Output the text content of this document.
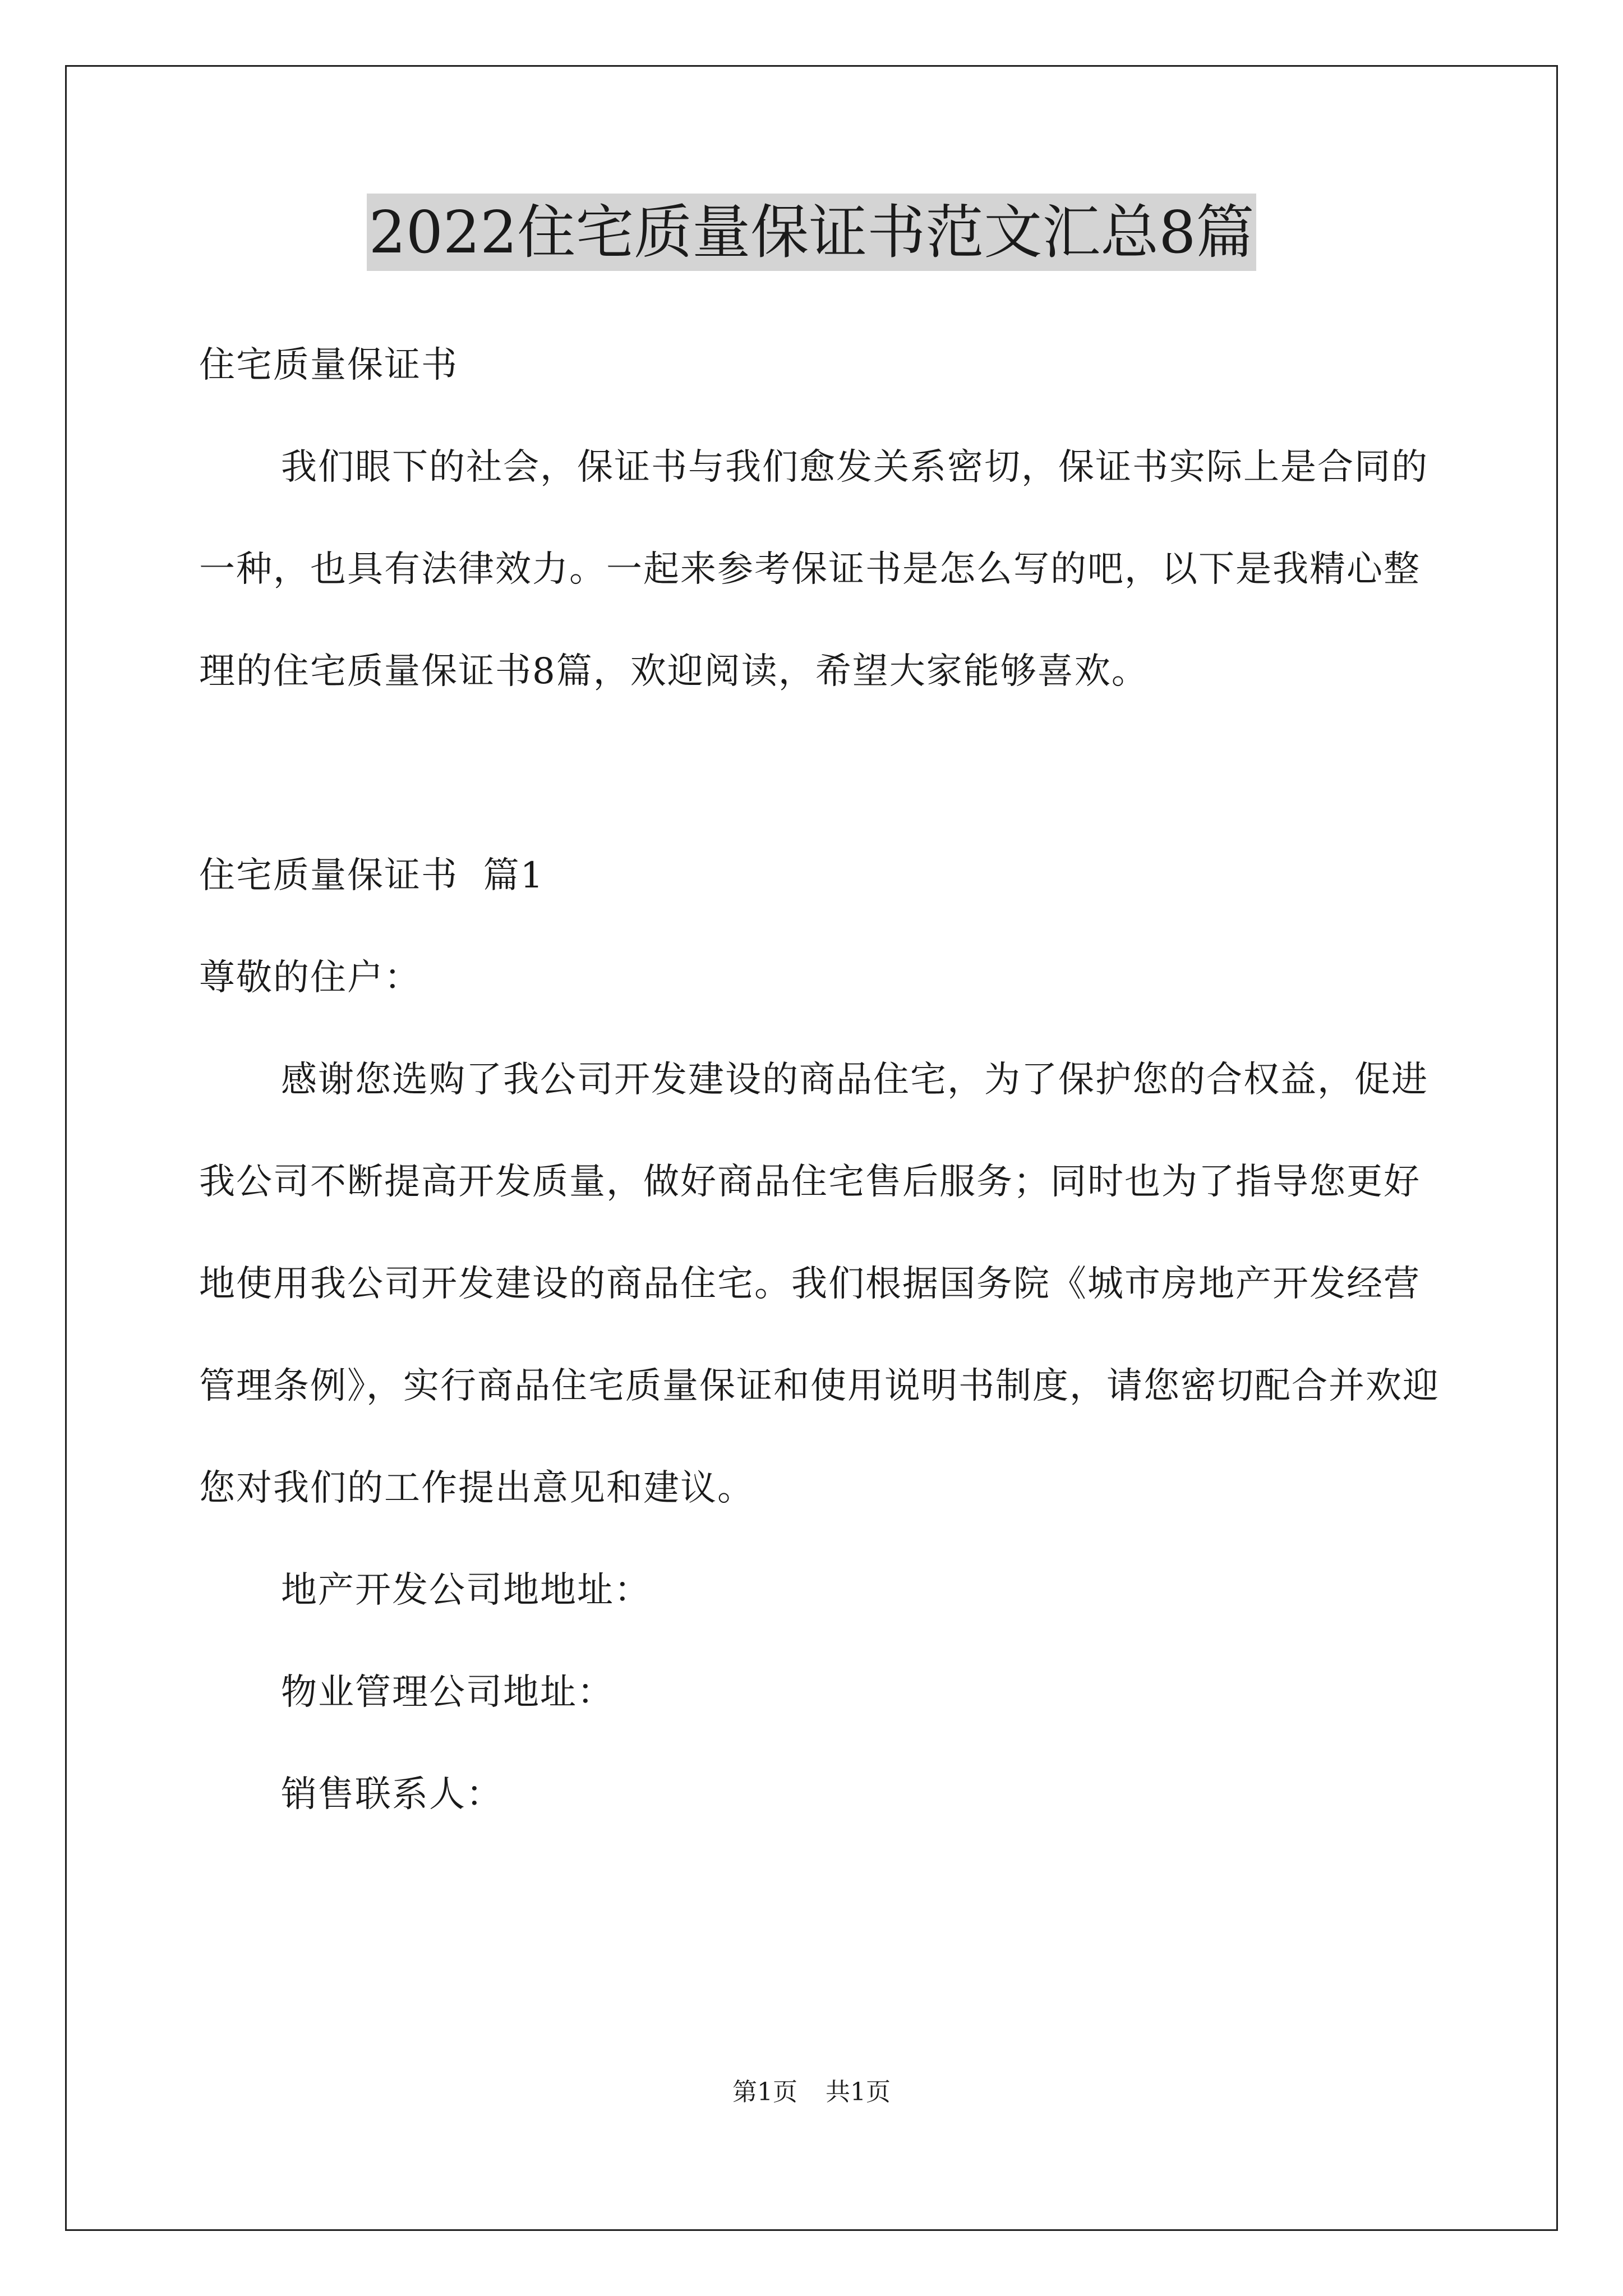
2022住宅质量保证书范文汇总8篇
住宅质量保证书
我们眼下的社会，保证书与我们愈发关系密切，保证书实际上是合同的一种，也具有法律效力。一起来参考保证书是怎么写的吧，以下是我精心整理的住宅质量保证书8篇，欢迎阅读，希望大家能够喜欢。
住宅质量保证书  篇1
尊敬的住户：
感谢您选购了我公司开发建设的商品住宅，为了保护您的合权益，促进我公司不断提高开发质量，做好商品住宅售后服务；同时也为了指导您更好地使用我公司开发建设的商品住宅。我们根据国务院《城市房地产开发经营管理条例》，实行商品住宅质量保证和使用说明书制度，请您密切配合并欢迎您对我们的工作提出意见和建议。
地产开发公司地地址：
物业管理公司地址：
销售联系人：
第1页 共1页
